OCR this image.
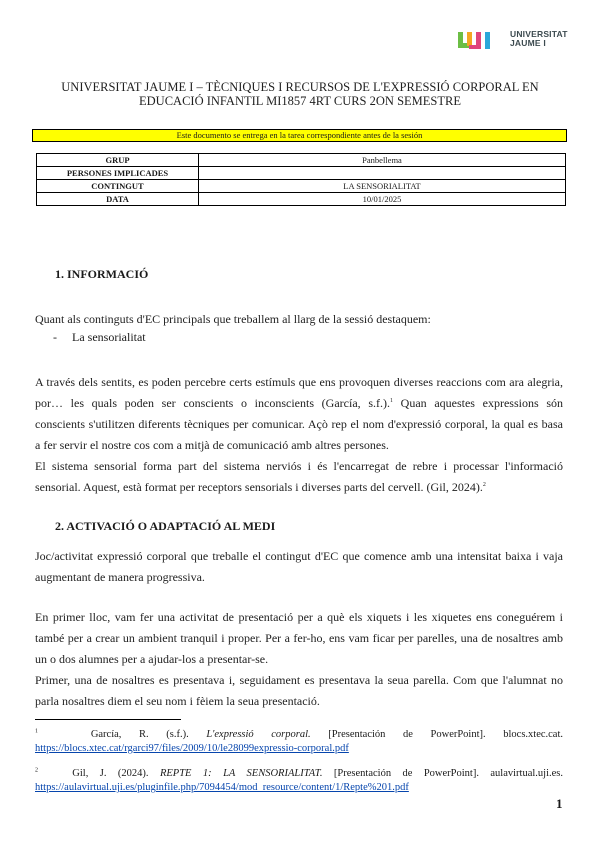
UNIVERSITAT
JAUME I
UNIVERSITAT JAUME I – TÈCNIQUES I RECURSOS DE L'EXPRESSIÓ CORPORAL EN
EDUCACIÓ INFANTIL MI1857 4RT CURS 2ON SEMESTRE
Este documento se entrega en la tarea correspondiente antes de la sesión
GRUP	Panbellema
PERSONES IMPLICADES	
CONTINGUT	LA SENSORIALITAT
DATA	10/01/2025
1. INFORMACIÓ
Quant als continguts d'EC principals que treballem al llarg de la sessió destaquem:
- La sensorialitat
A través dels sentits, es poden percebre certs estímuls que ens provoquen diverses reaccions com ara alegria,
por… les quals poden ser conscients o inconscients (García, s.f.).$^1$ Quan aquestes expressions són
conscients s'utilitzen diferents tècniques per comunicar. Açò rep el nom d'expressió corporal, la qual es basa
a fer servir el nostre cos com a mitjà de comunicació amb altres persones.
El sistema sensorial forma part del sistema nerviós i és l'encarregat de rebre i processar l'informació
sensorial. Aquest, està format per receptors sensorials i diverses parts del cervell. (Gil, 2024).$^2$
2. ACTIVACIÓ O ADAPTACIÓ AL MEDI
Joc/activitat expressió corporal que treballe el contingut d'EC que comence amb una intensitat baixa i vaja
augmentant de manera progressiva.
En primer lloc, vam fer una activitat de presentació per a què els xiquets i les xiquetes ens coneguérem i
també per a crear un ambient tranquil i proper. Per a fer-ho, ens vam ficar per parelles, una de nosaltres amb
un o dos alumnes per a ajudar-los a presentar-se.
Primer, una de nosaltres es presentava i, seguidament es presentava la seua parella. Com que l'alumnat no
parla nosaltres diem el seu nom i fèiem la seua presentació.
$^1$	García, R. (s.f.). L'expressió corporal. [Presentación de PowerPoint]. blocs.xtec.cat.
https://blocs.xtec.cat/rgarci97/files/2009/10/le28099expressio-corporal.pdf
$^2$	Gil, J. (2024). REPTE 1: LA SENSORIALITAT. [Presentación de PowerPoint]. aulavirtual.uji.es.
https://aulavirtual.uji.es/pluginfile.php/7094454/mod_resource/content/1/Repte%201.pdf
1
